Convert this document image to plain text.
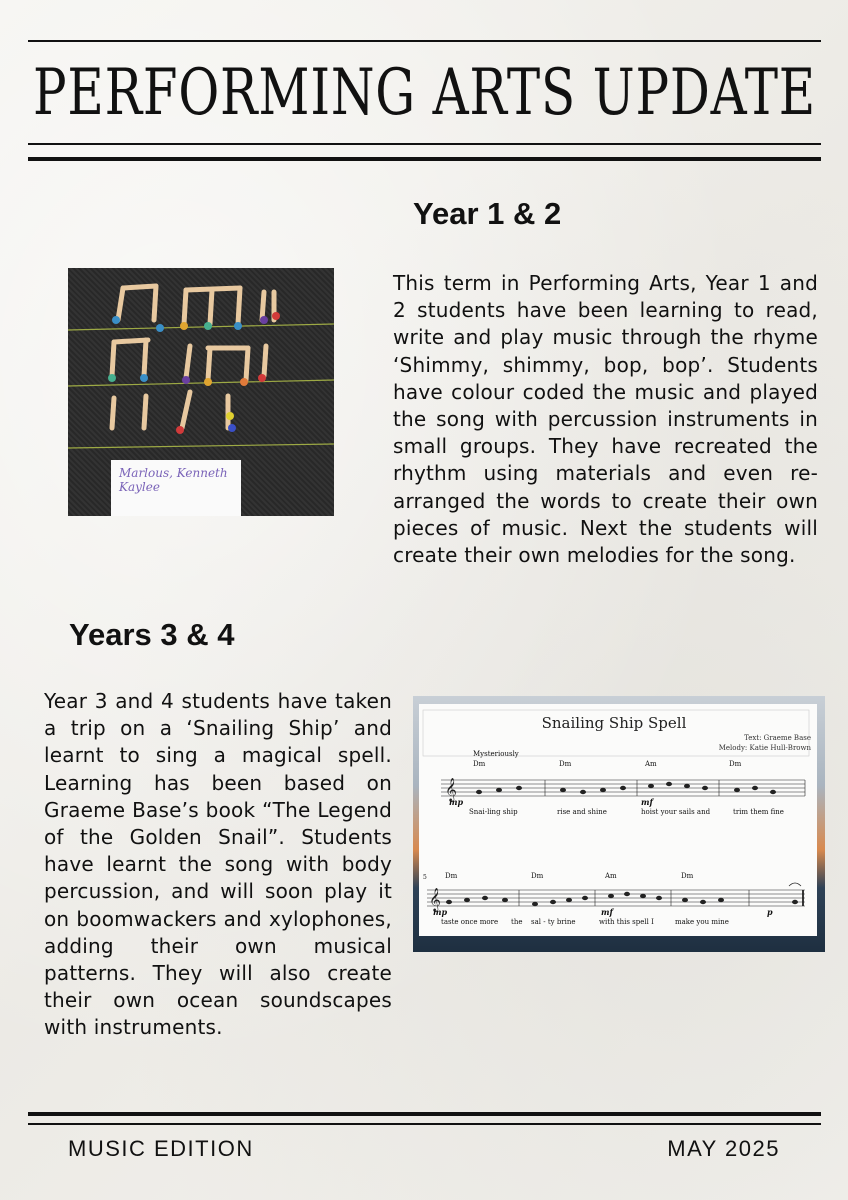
PERFORMING ARTS UPDATE
Year 1 & 2
Marlous, Kenneth Kaylee

This term in Performing Arts, Year 1 and 2 students have been learning to read, write and play music through the rhyme ‘Shimmy, shimmy, bop, bop’. Students have colour coded the music and played the song with percussion instruments in small groups. They have recreated the rhythm using materials and even re-arranged the words to create their own pieces of music. Next the students will create their own melodies for the song.

Years 3 & 4

Year 3 and 4 students have taken a trip on a ‘Snailing Ship’ and learnt to sing a magical spell. Learning has been based on Graeme Base’s book “The Legend of the Golden Snail”. Students have learnt the song with body percussion, and will soon play it on boomwackers and xylophones, adding their own musical patterns. They will also create their own ocean soundscapes with instruments.

Snailing Ship Spell
Text: Graeme Base
Melody: Katie Hull-Brown
𝄞
𝄞
Mysteriously
Dm	Dm	Am	Dm
mp	mf
Snai-ling ship	rise and shine	hoist your sails and	trim them fine
5	Dm	Dm	Am	Dm
mp	mf	p
taste once more the sal - ty brine	with this spell I	make you mine
MUSIC EDITION	MAY 2025
